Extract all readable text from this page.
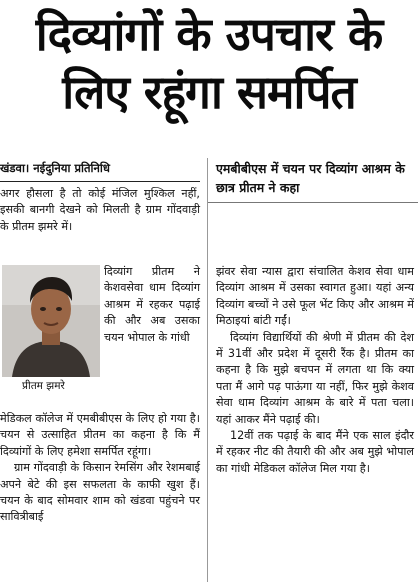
दिव्यांगों के उपचार के
लिए रहूंगा समर्पित
खंडवा। नईदुनिया प्रतिनिधि	एमबीबीएस में चयन पर दिव्यांग आश्रम के छात्र प्रीतम ने कहा

अगर हौसला है तो कोई मंजिल मुश्किल नहीं, इसकी बानगी देखने को मिलती है ग्राम गोंदवाड़ी के प्रीतम झमरे में।

प्रीतम झमरे

दिव्यांग प्रीतम ने केशवसेवा धाम दिव्यांग आश्रम में रहकर पढ़ाई की और अब उसका चयन भोपाल के गांधी

मेडिकल कॉलेज में एमबीबीएस के लिए हो गया है। चयन से उत्साहित प्रीतम का कहना है कि मैं दिव्यांगों के लिए हमेशा समर्पित रहूंगा।

ग्राम गोंदवाड़ी के किसान रेमसिंग और रेशमबाई अपने बेटे की इस सफलता के काफी खुश हैं। चयन के बाद सोमवार शाम को खंडवा पहुंचने पर सावित्रीबाई

झंवर सेवा न्यास द्वारा संचालित केशव सेवा धाम दिव्यांग आश्रम में उसका स्वागत हुआ। यहां अन्य दिव्यांग बच्चों ने उसे फूल भेंट किए और आश्रम में मिठाइयां बांटी गईं।

दिव्यांग विद्यार्थियों की श्रेणी में प्रीतम की देश में 31वीं और प्रदेश में दूसरी रैंक है। प्रीतम का कहना है कि मुझे बचपन में लगता था कि क्या पता मैं आगे पढ़ पाऊंगा या नहीं, फिर मुझे केशव सेवा धाम दिव्यांग आश्रम के बारे में पता चला। यहां आकर मैंने पढ़ाई की।

12वीं तक पढ़ाई के बाद मैंने एक साल इंदौर में रहकर नीट की तैयारी की और अब मुझे भोपाल का गांधी मेडिकल कॉलेज मिल गया है।
